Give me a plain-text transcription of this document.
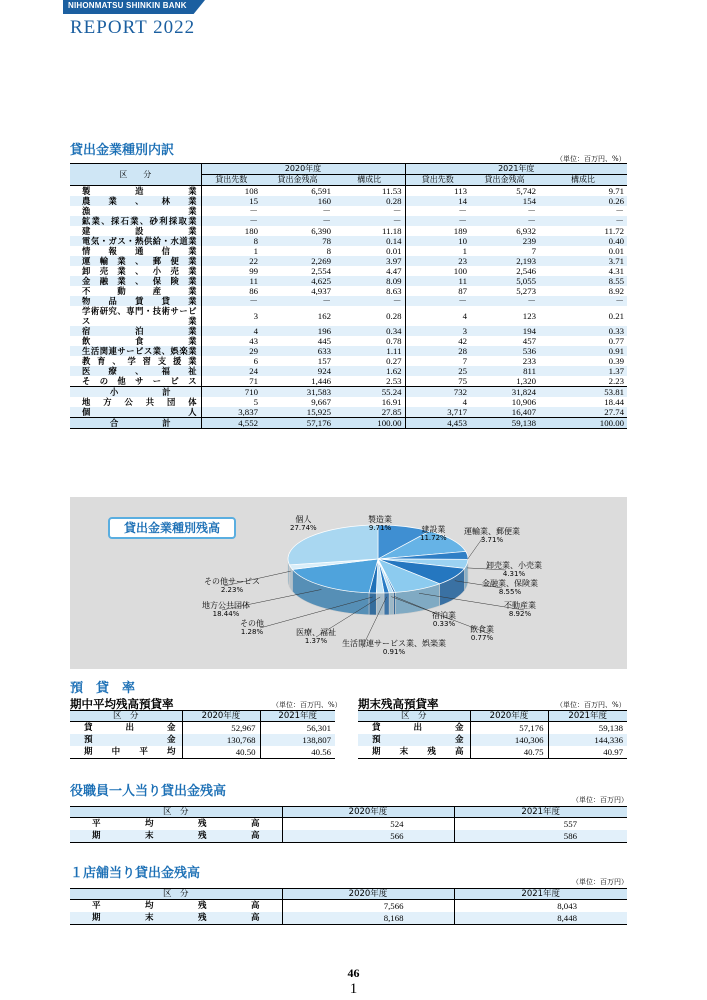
NIHONMATSU SHINKIN BANK
REPORT 2022
貸出金業種別内訳
（単位：百万円、%）
区　　分	2020年度			2021年度		
	貸出先数	貸出金残高	構成比	貸出先数	貸出金残高	構成比
製造業	108	6,591	11.53	113	5,742	9.71
農業、林業	15	160	0.28	14	154	0.26
漁業	－	－	－	－	－	－
鉱業、採石業、砂利採取業	－	－	－	－	－	－
建設業	180	6,390	11.18	189	6,932	11.72
電気・ガス・熱供給・水道業	8	78	0.14	10	239	0.40
情報通信業	1	8	0.01	1	7	0.01
運輸業、郵便業	22	2,269	3.97	23	2,193	3.71
卸売業、小売業	99	2,554	4.47	100	2,546	4.31
金融業、保険業	11	4,625	8.09	11	5,055	8.55
不動産業	86	4,937	8.63	87	5,273	8.92
物品賃貸業	－	－	－	－	－	－
学術研究、専門・技術サービス業	3	162	0.28	4	123	0.21
宿泊業	4	196	0.34	3	194	0.33
飲食業	43	445	0.78	42	457	0.77
生活関連サービス業、娯楽業	29	633	1.11	28	536	0.91
教育、学習支援業	6	157	0.27	7	233	0.39
医療、福祉	24	924	1.62	25	811	1.37
その他サービス	71	1,446	2.53	75	1,320	2.23
小計	710	31,583	55.24	732	31,824	53.81
地方公共団体	5	9,667	16.91	4	10,906	18.44
個人	3,837	15,925	27.85	3,717	16,407	27.74
合計	4,552	57,176	100.00	4,453	59,138	100.00
貸出金業種別残高
製造業
9.71%	建設業
11.72%
運輸業、郵便業
3.71%
卸売業、小売業
4.31%
金融業、保険業
8.55%
不動産業
8.92%
宿泊業
0.33%
飲食業
0.77%
生活関連サービス業、娯楽業
0.91%
医療、福祉
1.37%
その他
1.28%
地方公共団体
18.44%
その他サービス
2.23%
個人
27.74%
預　貸　率
期中平均残高預貸率	（単位：百万円、%） 期末残高預貸率	（単位：百万円、%）
区　分	2020年度	2021年度
貸出金	52,967	56,301
預金	130,768	138,807
期中平均	40.50	40.56
区　分	2020年度	2021年度
貸出金	57,176	59,138
預金	140,306	144,336
期末残高	40.75	40.97
役職員一人当り貸出金残高
（単位：百万円）
区　分	2020年度	2021年度
平均残高	524	557
期末残高	566	586
１店舗当り貸出金残高
（単位：百万円）
区　分	2020年度	2021年度
平均残高	7,566	8,043
期末残高	8,168	8,448
46
1
